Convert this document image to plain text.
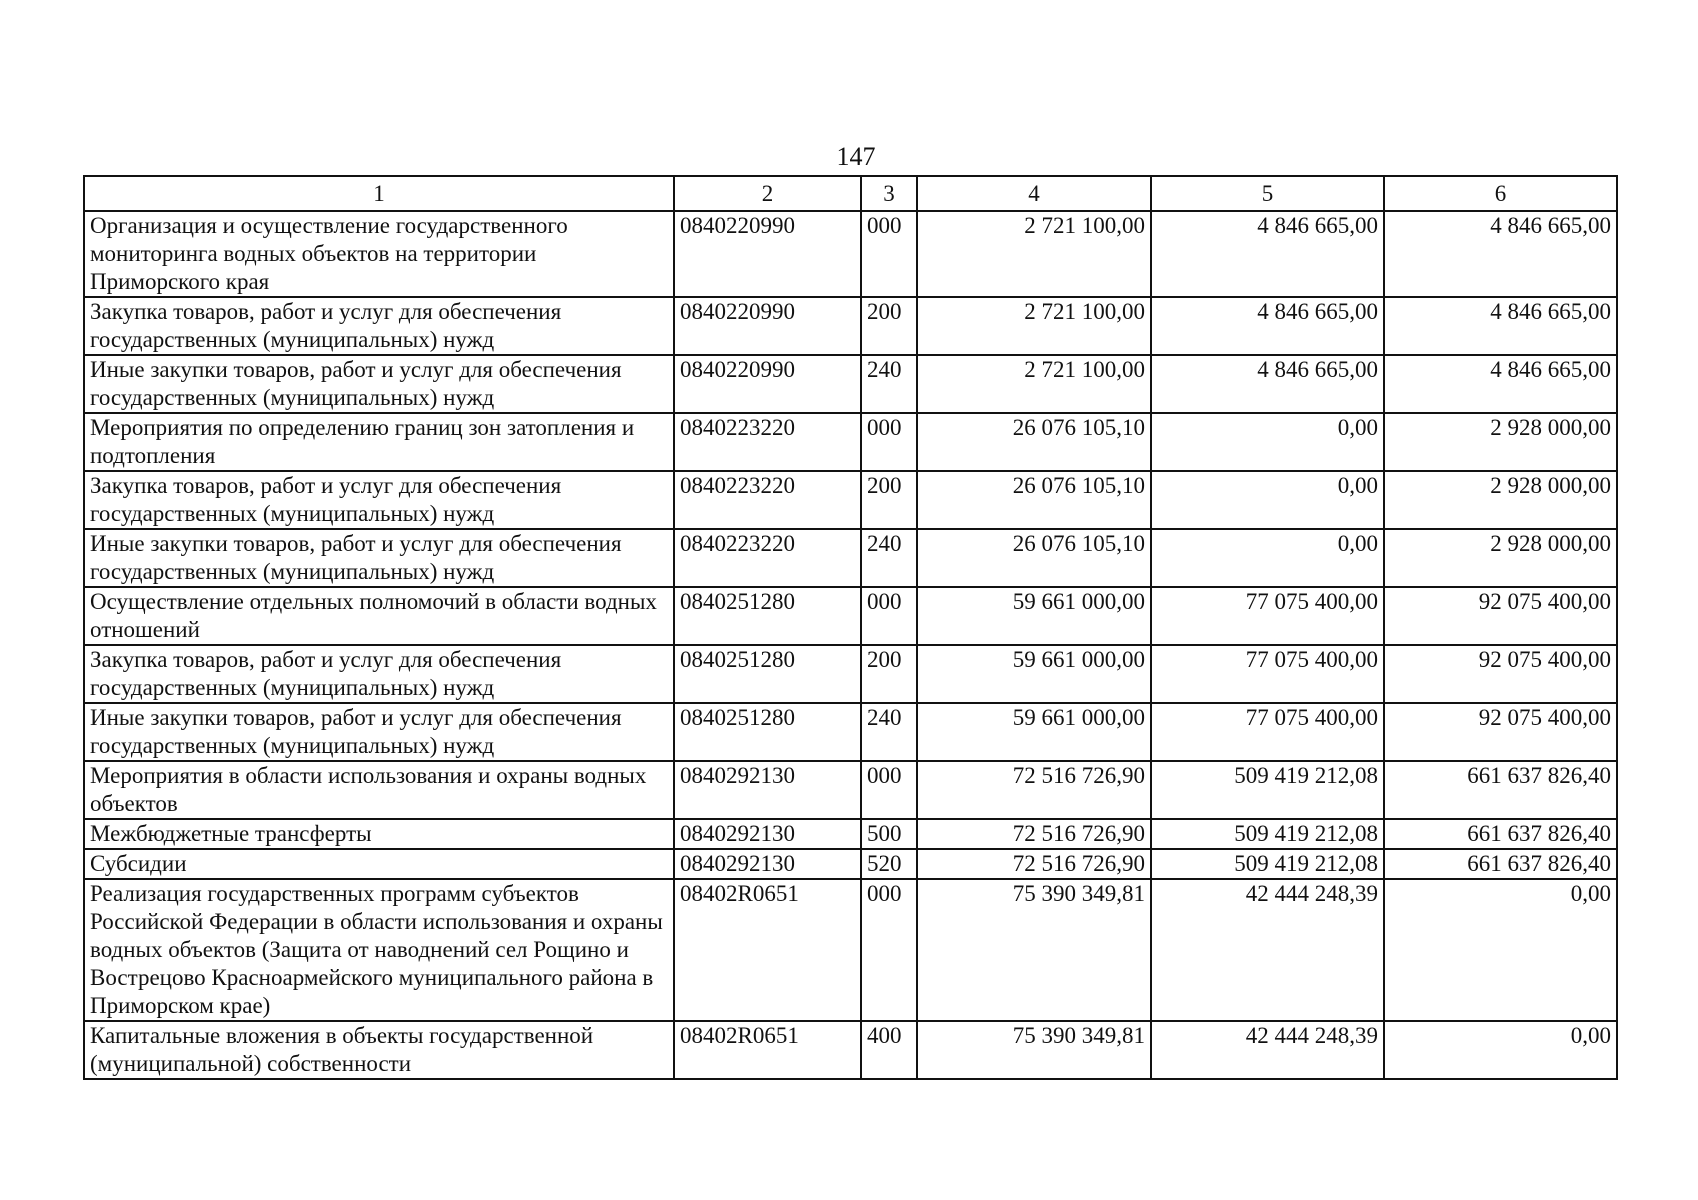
147
1	2	3	4	5	6
Организация и осуществление государственного мониторинга водных объектов на территории Приморского края	0840220990	000	2 721 100,00	4 846 665,00	4 846 665,00
Закупка товаров, работ и услуг для обеспечения государственных (муниципальных) нужд	0840220990	200	2 721 100,00	4 846 665,00	4 846 665,00
Иные закупки товаров, работ и услуг для обеспечения государственных (муниципальных) нужд	0840220990	240	2 721 100,00	4 846 665,00	4 846 665,00
Мероприятия по определению границ зон затопления и подтопления	0840223220	000	26 076 105,10	0,00	2 928 000,00
Закупка товаров, работ и услуг для обеспечения государственных (муниципальных) нужд	0840223220	200	26 076 105,10	0,00	2 928 000,00
Иные закупки товаров, работ и услуг для обеспечения государственных (муниципальных) нужд	0840223220	240	26 076 105,10	0,00	2 928 000,00
Осуществление отдельных полномочий в области водных отношений	0840251280	000	59 661 000,00	77 075 400,00	92 075 400,00
Закупка товаров, работ и услуг для обеспечения государственных (муниципальных) нужд	0840251280	200	59 661 000,00	77 075 400,00	92 075 400,00
Иные закупки товаров, работ и услуг для обеспечения государственных (муниципальных) нужд	0840251280	240	59 661 000,00	77 075 400,00	92 075 400,00
Мероприятия в области использования и охраны водных объектов	0840292130	000	72 516 726,90	509 419 212,08	661 637 826,40
Межбюджетные трансферты	0840292130	500	72 516 726,90	509 419 212,08	661 637 826,40
Субсидии	0840292130	520	72 516 726,90	509 419 212,08	661 637 826,40
Реализация государственных программ субъектов Российской Федерации в области использования и охраны водных объектов (Защита от наводнений сел Рощино и Вострецово Красноармейского муниципального района в Приморском крае)	08402R0651	000	75 390 349,81	42 444 248,39	0,00
Капитальные вложения в объекты государственной (муниципальной) собственности	08402R0651	400	75 390 349,81	42 444 248,39	0,00
